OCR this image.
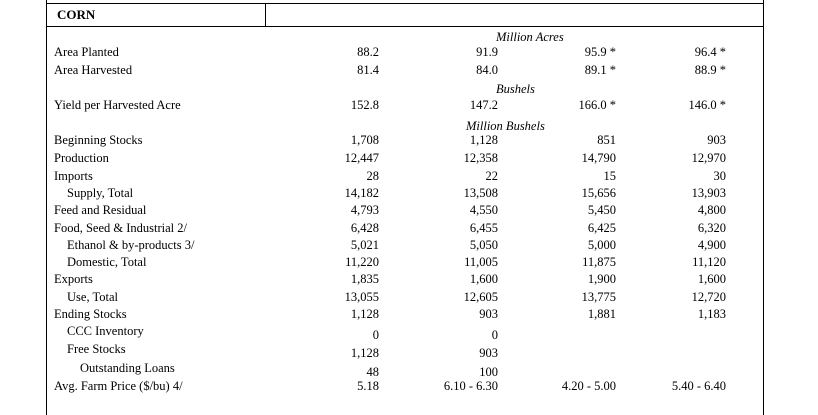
CORN
Million Acres
Bushels
Million Bushels
Area Planted	88.2	91.9	95.9 *	96.4 *
Area Harvested	81.4	84.0	89.1 *	88.9 *
Yield per Harvested Acre	152.8	147.2	166.0 *	146.0 *
Beginning Stocks	1,708	1,128	851	903
Production	12,447	12,358	14,790	12,970
Imports	28	22	15	30
Supply, Total	14,182	13,508	15,656	13,903
Feed and Residual	4,793	4,550	5,450	4,800
Food, Seed & Industrial 2/	6,428	6,455	6,425	6,320
Ethanol & by-products 3/	5,021	5,050	5,000	4,900
Domestic, Total	11,220	11,005	11,875	11,120
Exports	1,835	1,600	1,900	1,600
Use, Total	13,055	12,605	13,775	12,720
Ending Stocks	1,128	903	1,881	1,183
CCC Inventory	0	0
Free Stocks	1,128	903
Outstanding Loans	48	100
Avg. Farm Price ($/bu) 4/	5.18	6.10 - 6.30	4.20 - 5.00	5.40 - 6.40
